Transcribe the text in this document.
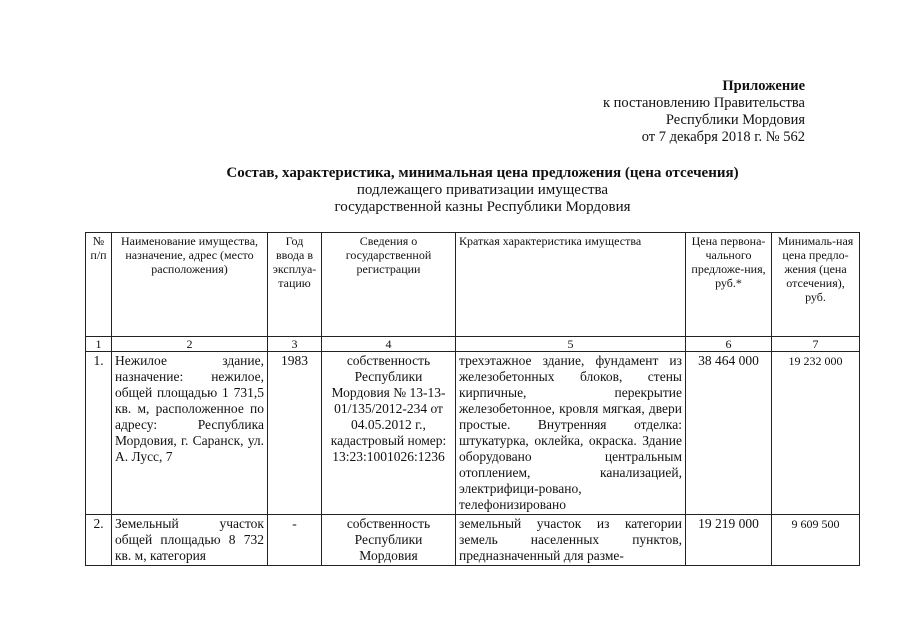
Приложение
к постановлению Правительства
Республики Мордовия
от 7 декабря 2018 г. № 562
Состав, характеристика, минимальная цена предложения (цена отсечения)
подлежащего приватизации имущества
государственной казны Республики Мордовия
№ п/п	Наименование имущества, назначение, адрес (место расположения)	Год ввода в эксплуа-тацию	Сведения о государственной регистрации	Краткая характеристика имущества	Цена первона-чального предложе-ния, руб.*	Минималь-ная цена предло-жения (цена отсечения), руб.
1	2	3	4	5	6	7
1.	Нежилое здание, назначение: нежилое, общей площадью 1 731,5 кв. м, расположенное по адресу: Республика Мордовия, г. Саранск, ул. А. Лусс, 7	1983	собственность Республики Мордовия № 13-13-01/135/2012-234 от 04.05.2012 г., кадастровый номер: 13:23:1001026:1236	трехэтажное здание, фундамент из железобетонных блоков, стены кирпичные, перекрытие железобетонное, кровля мягкая, двери простые. Внутренняя отделка: штукатурка, оклейка, окраска. Здание оборудовано центральным отоплением, канализацией, электрифици-ровано, телефонизировано	38 464 000	19 232 000
2.	Земельный участок общей площадью 8 732 кв. м, категория	-	собственность Республики Мордовия	земельный участок из категории земель населенных пунктов, предназначенный для разме-	19 219 000	9 609 500
